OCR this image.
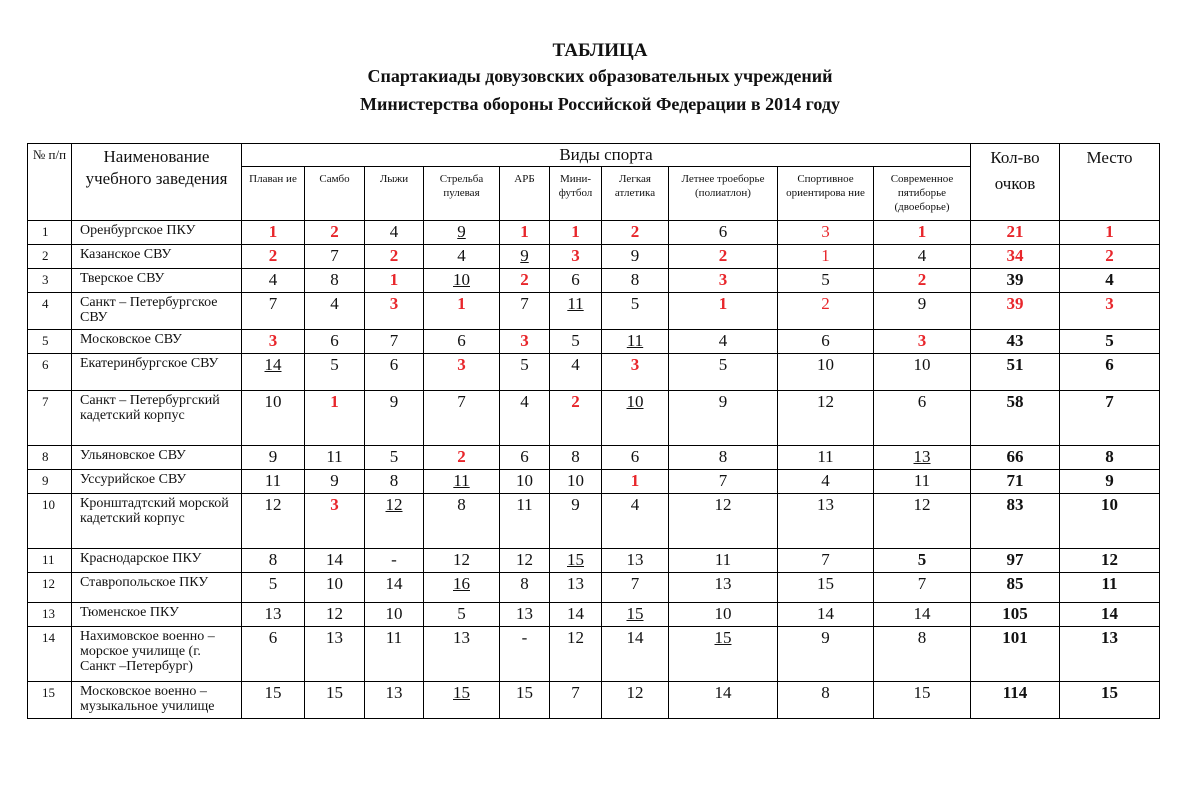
ТАБЛИЦА
Спартакиады довузовских образовательных учреждений
Министерства обороны Российской Федерации в 2014 году
№ п/п	Наименование учебного заведения	Виды спорта										Кол-во очков	Место
		Плаван ие	Самбо	Лыжи	Стрельба пулевая	АРБ	Мини-футбол	Легкая атлетика	Летнее троеборье (полиатлон)	Спортивное ориентирова ние	Современное пятиборье (двоеборье)		
1	Оренбургское ПКУ	1	2	4	9	1	1	2	6	3	1	21	1
2	Казанское СВУ	2	7	2	4	9	3	9	2	1	4	34	2
3	Тверское СВУ	4	8	1	10	2	6	8	3	5	2	39	4
4	Санкт – Петербургское СВУ	7	4	3	1	7	11	5	1	2	9	39	3
5	Московское СВУ	3	6	7	6	3	5	11	4	6	3	43	5
6	Екатеринбургское СВУ	14	5	6	3	5	4	3	5	10	10	51	6
7	Санкт – Петербургский кадетский корпус	10	1	9	7	4	2	10	9	12	6	58	7
8	Ульяновское СВУ	9	11	5	2	6	8	6	8	11	13	66	8
9	Уссурийское СВУ	11	9	8	11	10	10	1	7	4	11	71	9
10	Кронштадтский морской кадетский корпус	12	3	12	8	11	9	4	12	13	12	83	10
11	Краснодарское ПКУ	8	14	-	12	12	15	13	11	7	5	97	12
12	Ставропольское ПКУ	5	10	14	16	8	13	7	13	15	7	85	11
13	Тюменское ПКУ	13	12	10	5	13	14	15	10	14	14	105	14
14	Нахимовское военно – морское училище (г. Санкт –Петербург)	6	13	11	13	-	12	14	15	9	8	101	13
15	Московское военно – музыкальное училище	15	15	13	15	15	7	12	14	8	15	114	15
